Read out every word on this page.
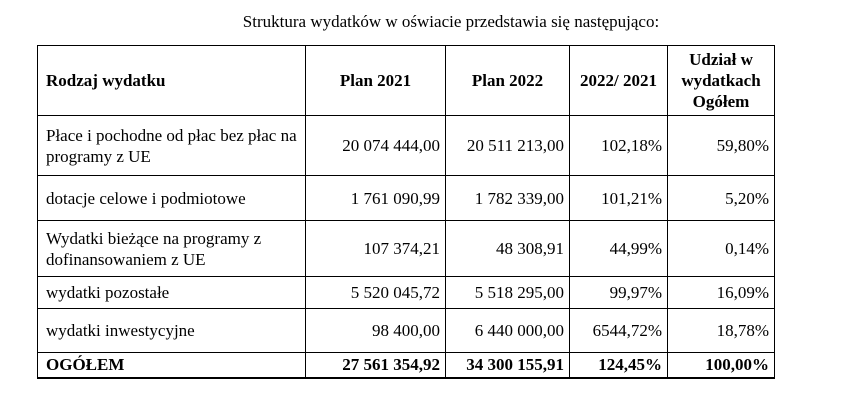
Struktura wydatków w oświacie przedstawia się następująco:
Rodzaj wydatku	Plan 2021	Plan 2022	2022/ 2021	Udział w wydatkach Ogółem
Płace i pochodne od płac bez płac na programy z UE	20 074 444,00	20 511 213,00	102,18%	59,80%
dotacje celowe i podmiotowe	1 761 090,99	1 782 339,00	101,21%	5,20%
Wydatki bieżące na programy z dofinansowaniem z UE	107 374,21	48 308,91	44,99%	0,14%
wydatki pozostałe	5 520 045,72	5 518 295,00	99,97%	16,09%
wydatki inwestycyjne	98 400,00	6 440 000,00	6544,72%	18,78%
OGÓŁEM	27 561 354,92	34 300 155,91	124,45%	100,00%
